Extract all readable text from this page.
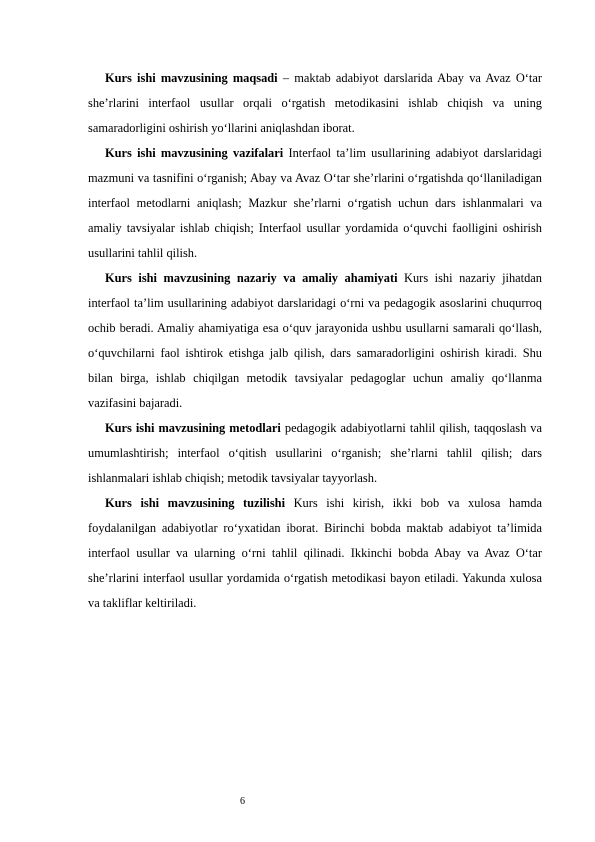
Kurs ishi mavzusining maqsadi – maktab adabiyot darslarida Abay va Avaz O‘tar she’rlarini interfaol usullar orqali o‘rgatish metodikasini ishlab chiqish va uning samaradorligini oshirish yo‘llarini aniqlashdan iborat.

Kurs ishi mavzusining vazifalari Interfaol ta’lim usullarining adabiyot darslaridagi mazmuni va tasnifini o‘rganish; Abay va Avaz O‘tar she’rlarini o‘rgatishda qo‘llaniladigan interfaol metodlarni aniqlash; Mazkur she’rlarni o‘rgatish uchun dars ishlanmalari va amaliy tavsiyalar ishlab chiqish; Interfaol usullar yordamida o‘quvchi faolligini oshirish usullarini tahlil qilish.

Kurs ishi mavzusining nazariy va amaliy ahamiyati Kurs ishi nazariy jihatdan interfaol ta’lim usullarining adabiyot darslaridagi o‘rni va pedagogik asoslarini chuqurroq ochib beradi. Amaliy ahamiyatiga esa o‘quv jarayonida ushbu usullarni samarali qo‘llash, o‘quvchilarni faol ishtirok etishga jalb qilish, dars samaradorligini oshirish kiradi. Shu bilan birga, ishlab chiqilgan metodik tavsiyalar pedagoglar uchun amaliy qo‘llanma vazifasini bajaradi.

Kurs ishi mavzusining metodlari pedagogik adabiyotlarni tahlil qilish, taqqoslash va umumlashtirish; interfaol o‘qitish usullarini o‘rganish; she’rlarni tahlil qilish; dars ishlanmalari ishlab chiqish; metodik tavsiyalar tayyorlash.

Kurs ishi mavzusining tuzilishi Kurs ishi kirish, ikki bob va xulosa hamda foydalanilgan adabiyotlar ro‘yxatidan iborat. Birinchi bobda maktab adabiyot ta’limida interfaol usullar va ularning o‘rni tahlil qilinadi. Ikkinchi bobda Abay va Avaz O‘tar she’rlarini interfaol usullar yordamida o‘rgatish metodikasi bayon etiladi. Yakunda xulosa va takliflar keltiriladi.

6
